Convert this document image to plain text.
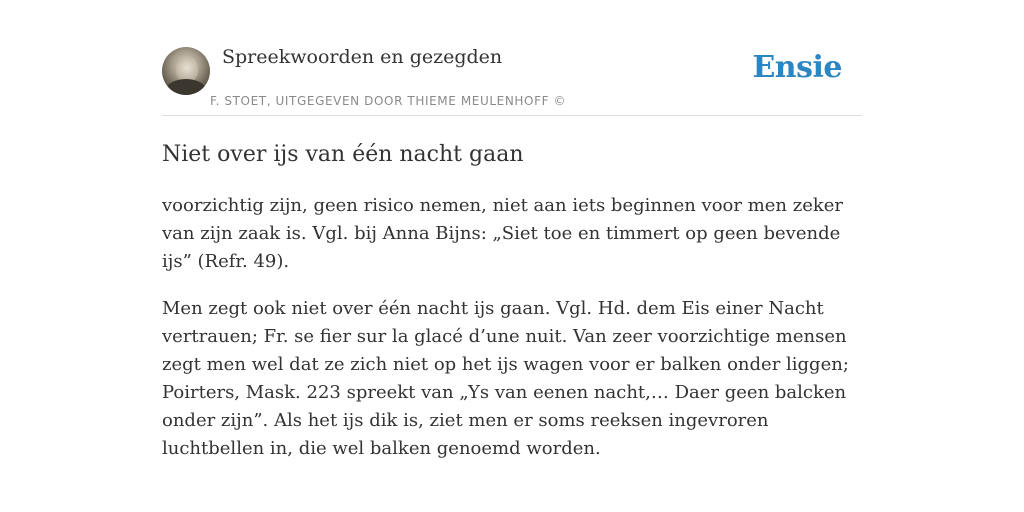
Spreekwoorden en gezegden
F. STOET, UITGEGEVEN DOOR THIEME MEULENHOFF ©
Ensie
Niet over ijs van één nacht gaan

voorzichtig zijn, geen risico nemen, niet aan iets beginnen voor men zeker van zijn zaak is. Vgl. bij Anna Bijns: „Siet toe en timmert op geen bevende ijs” (Refr. 49).

Men zegt ook niet over één nacht ijs gaan. Vgl. Hd. dem Eis einer Nacht vertrauen; Fr. se fier sur la glacé d’une nuit. Van zeer voorzichtige mensen zegt men wel dat ze zich niet op het ijs wagen voor er balken onder liggen; Poirters, Mask. 223 spreekt van „Ys van eenen nacht,… Daer geen balcken onder zijn”. Als het ijs dik is, ziet men er soms reeksen ingevroren luchtbellen in, die wel balken genoemd worden.
